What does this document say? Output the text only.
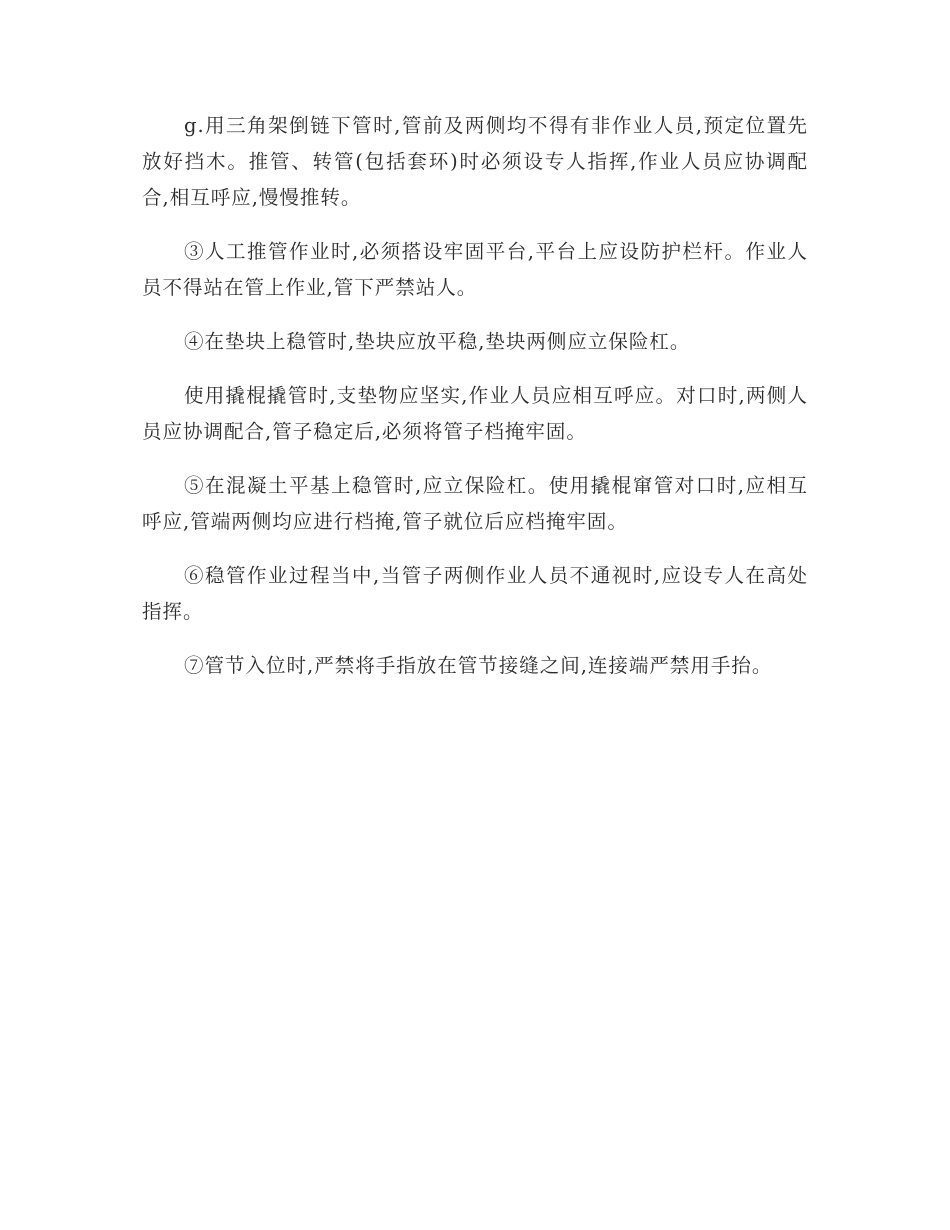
g.用三角架倒链下管时,管前及两侧均不得有非作业人员,预定位置先放好挡木。推管、转管(包括套环)时必须设专人指挥,作业人员应协调配合,相互呼应,慢慢推转。

③人工推管作业时,必须搭设牢固平台,平台上应设防护栏杆。作业人员不得站在管上作业,管下严禁站人。

④在垫块上稳管时,垫块应放平稳,垫块两侧应立保险杠。

使用撬棍撬管时,支垫物应坚实,作业人员应相互呼应。对口时,两侧人员应协调配合,管子稳定后,必须将管子档掩牢固。

⑤在混凝土平基上稳管时,应立保险杠。使用撬棍窜管对口时,应相互呼应,管端两侧均应进行档掩,管子就位后应档掩牢固。

⑥稳管作业过程当中,当管子两侧作业人员不通视时,应设专人在高处指挥。

⑦管节入位时,严禁将手指放在管节接缝之间,连接端严禁用手抬。
